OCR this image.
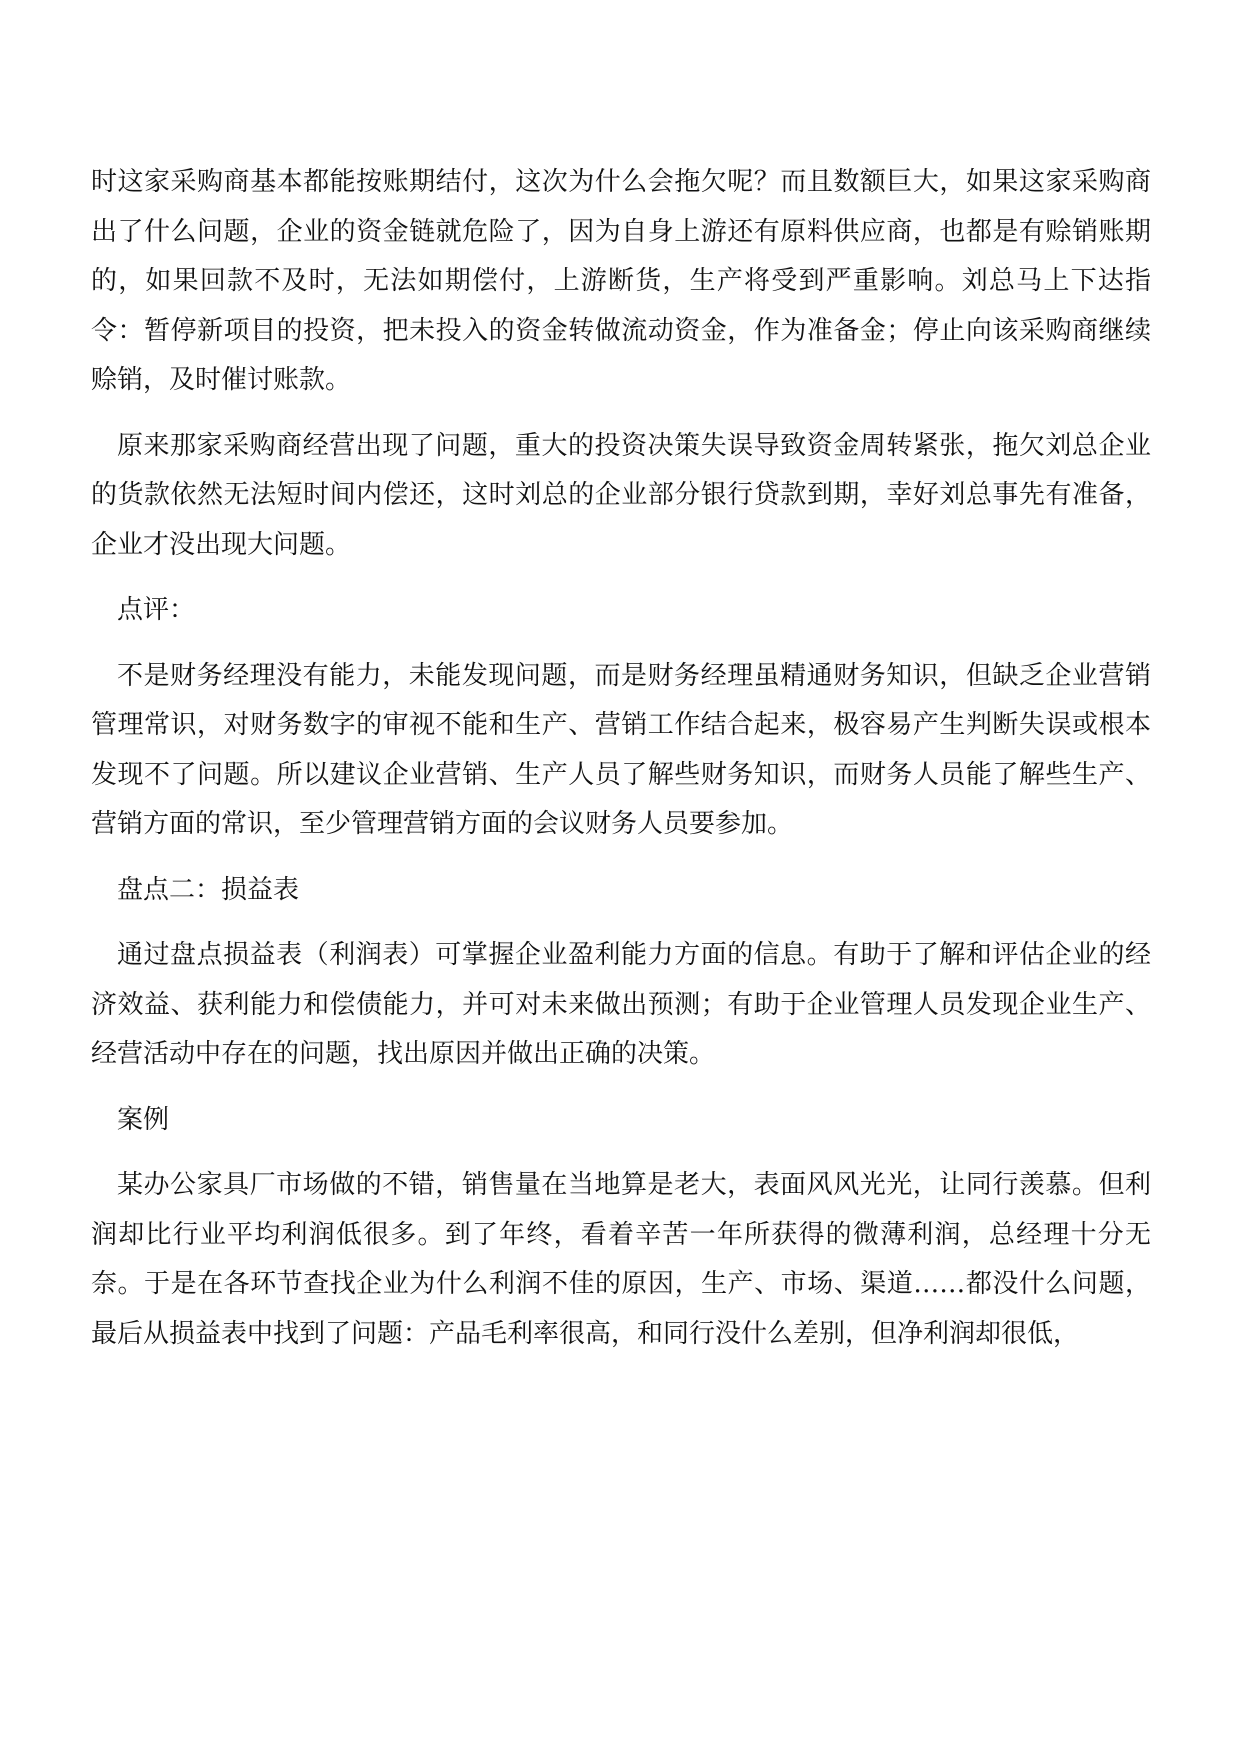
时这家采购商基本都能按账期结付，这次为什么会拖欠呢？而且数额巨大，如果这家采购商出了什么问题，企业的资金链就危险了，因为自身上游还有原料供应商，也都是有赊销账期的，如果回款不及时，无法如期偿付，上游断货，生产将受到严重影响。刘总马上下达指令：暂停新项目的投资，把未投入的资金转做流动资金，作为准备金；停止向该采购商继续赊销，及时催讨账款。

原来那家采购商经营出现了问题，重大的投资决策失误导致资金周转紧张，拖欠刘总企业的货款依然无法短时间内偿还，这时刘总的企业部分银行贷款到期，幸好刘总事先有准备，企业才没出现大问题。

点评：

不是财务经理没有能力，未能发现问题，而是财务经理虽精通财务知识，但缺乏企业营销管理常识，对财务数字的审视不能和生产、营销工作结合起来，极容易产生判断失误或根本发现不了问题。所以建议企业营销、生产人员了解些财务知识，而财务人员能了解些生产、营销方面的常识，至少管理营销方面的会议财务人员要参加。

盘点二：损益表

通过盘点损益表（利润表）可掌握企业盈利能力方面的信息。有助于了解和评估企业的经济效益、获利能力和偿债能力，并可对未来做出预测；有助于企业管理人员发现企业生产、经营活动中存在的问题，找出原因并做出正确的决策。

案例

某办公家具厂市场做的不错，销售量在当地算是老大，表面风风光光，让同行羡慕。但利润却比行业平均利润低很多。到了年终，看着辛苦一年所获得的微薄利润，总经理十分无奈。于是在各环节查找企业为什么利润不佳的原因，生产、市场、渠道……都没什么问题，最后从损益表中找到了问题：产品毛利率很高，和同行没什么差别，但净利润却很低，
